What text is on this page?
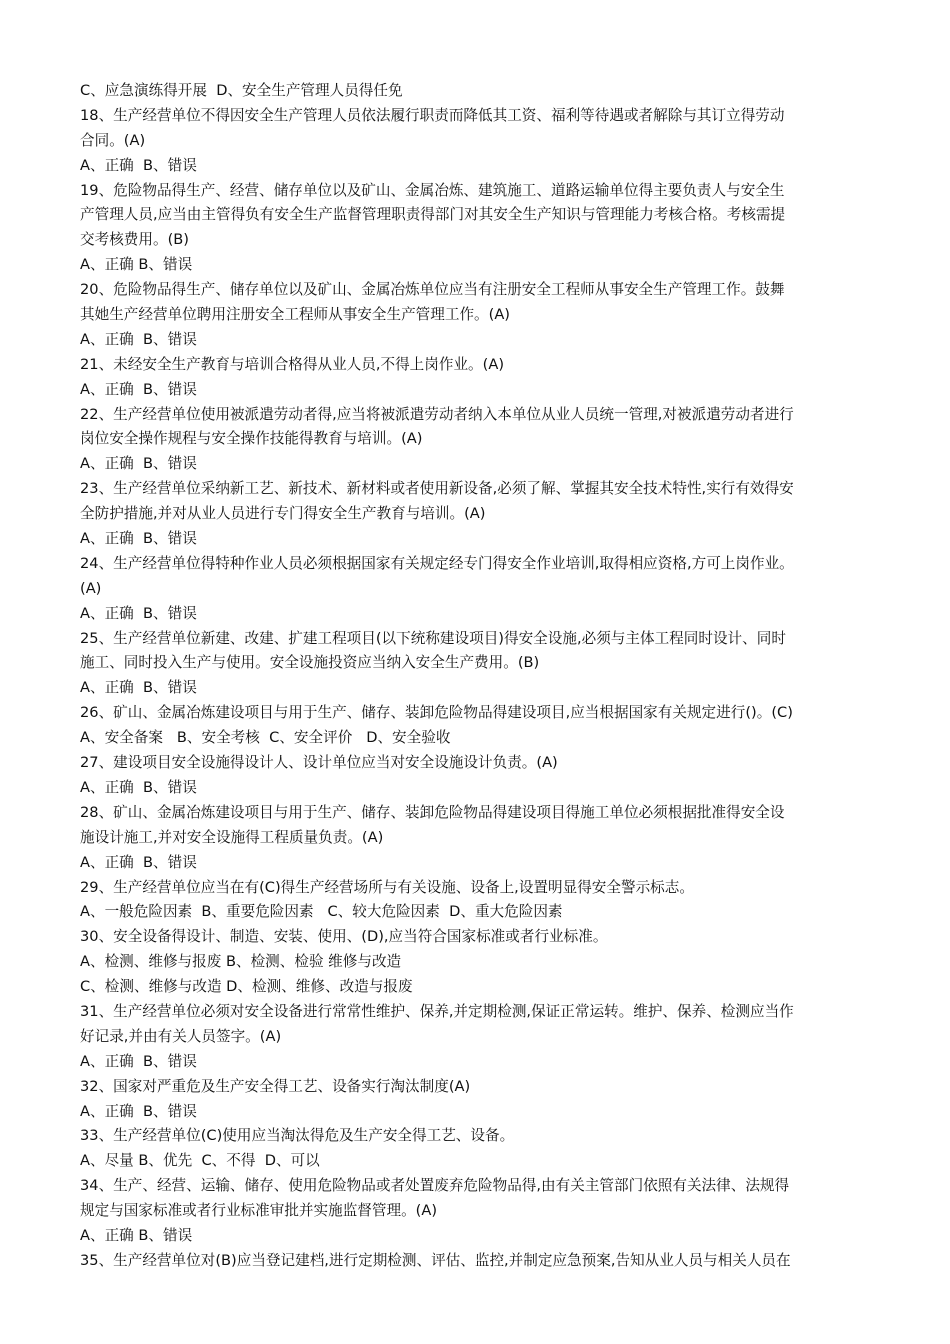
C、应急演练得开展  D、安全生产管理人员得任免
18、生产经营单位不得因安全生产管理人员依法履行职责而降低其工资、福利等待遇或者解除与其订立得劳动
合同。(A)
A、正确  B、错误
19、危险物品得生产、经营、储存单位以及矿山、金属冶炼、建筑施工、道路运输单位得主要负责人与安全生
产管理人员,应当由主管得负有安全生产监督管理职责得部门对其安全生产知识与管理能力考核合格。考核需提
交考核费用。(B)
A、正确 B、错误
20、危险物品得生产、储存单位以及矿山、金属冶炼单位应当有注册安全工程师从事安全生产管理工作。鼓舞
其她生产经营单位聘用注册安全工程师从事安全生产管理工作。(A)
A、正确  B、错误
21、未经安全生产教育与培训合格得从业人员,不得上岗作业。(A)
A、正确  B、错误
22、生产经营单位使用被派遣劳动者得,应当将被派遣劳动者纳入本单位从业人员统一管理,对被派遣劳动者进行
岗位安全操作规程与安全操作技能得教育与培训。(A)
A、正确  B、错误
23、生产经营单位采纳新工艺、新技术、新材料或者使用新设备,必须了解、掌握其安全技术特性,实行有效得安
全防护措施,并对从业人员进行专门得安全生产教育与培训。(A)
A、正确  B、错误
24、生产经营单位得特种作业人员必须根据国家有关规定经专门得安全作业培训,取得相应资格,方可上岗作业。
(A)
A、正确  B、错误
25、生产经营单位新建、改建、扩建工程项目(以下统称建设项目)得安全设施,必须与主体工程同时设计、同时
施工、同时投入生产与使用。安全设施投资应当纳入安全生产费用。(B)
A、正确  B、错误
26、矿山、金属冶炼建设项目与用于生产、储存、装卸危险物品得建设项目,应当根据国家有关规定进行()。(C)
A、安全备案   B、安全考核  C、安全评价   D、安全验收
27、建设项目安全设施得设计人、设计单位应当对安全设施设计负责。(A)
A、正确  B、错误
28、矿山、金属冶炼建设项目与用于生产、储存、装卸危险物品得建设项目得施工单位必须根据批准得安全设
施设计施工,并对安全设施得工程质量负责。(A)
A、正确  B、错误
29、生产经营单位应当在有(C)得生产经营场所与有关设施、设备上,设置明显得安全警示标志。
A、一般危险因素  B、重要危险因素   C、较大危险因素  D、重大危险因素
30、安全设备得设计、制造、安装、使用、(D),应当符合国家标准或者行业标准。
A、检测、维修与报废 B、检测、检验 维修与改造
C、检测、维修与改造 D、检测、维修、改造与报废
31、生产经营单位必须对安全设备进行常常性维护、保养,并定期检测,保证正常运转。维护、保养、检测应当作
好记录,并由有关人员签字。(A)
A、正确  B、错误
32、国家对严重危及生产安全得工艺、设备实行淘汰制度(A)
A、正确  B、错误
33、生产经营单位(C)使用应当淘汰得危及生产安全得工艺、设备。
A、尽量 B、优先  C、不得  D、可以
34、生产、经营、运输、储存、使用危险物品或者处置废弃危险物品得,由有关主管部门依照有关法律、法规得
规定与国家标准或者行业标准审批并实施监督管理。(A)
A、正确 B、错误
35、生产经营单位对(B)应当登记建档,进行定期检测、评估、监控,并制定应急预案,告知从业人员与相关人员在
